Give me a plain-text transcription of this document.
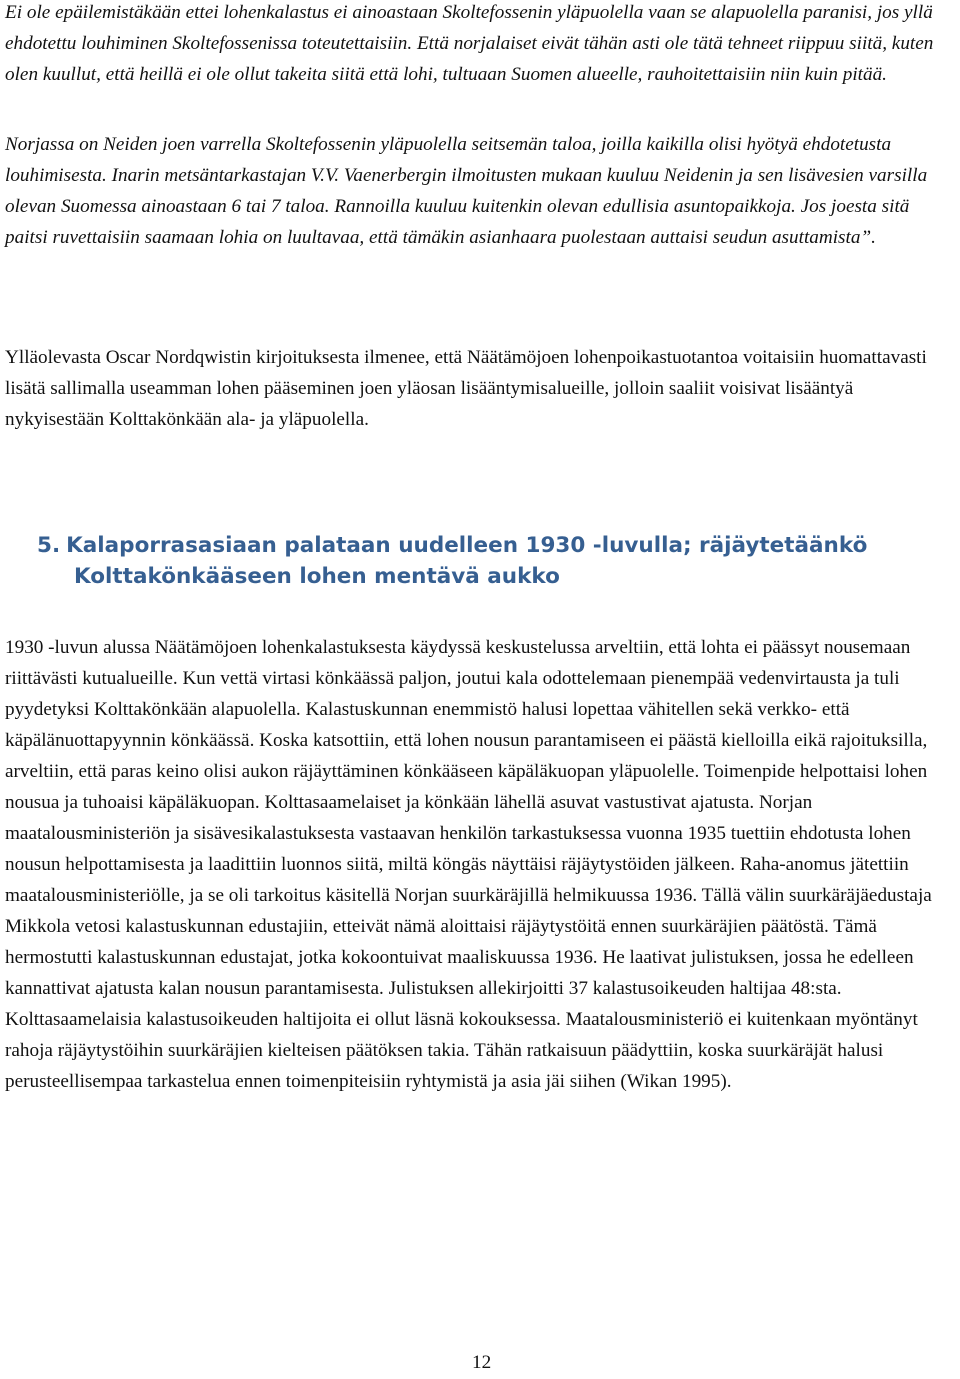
Ei ole epäilemistäkään ettei lohenkalastus ei ainoastaan Skoltefossenin yläpuolella vaan se alapuolella paranisi, jos yllä ehdotettu louhiminen Skoltefossenissa toteutettaisiin. Että norjalaiset eivät tähän asti ole tätä tehneet riippuu siitä, kuten olen kuullut, että heillä ei ole ollut takeita siitä että lohi, tultuaan Suomen alueelle, rauhoitettaisiin niin kuin pitää.

Norjassa on Neiden joen varrella Skoltefossenin yläpuolella seitsemän taloa, joilla kaikilla olisi hyötyä ehdotetusta louhimisesta. Inarin metsäntarkastajan V.V. Vaenerbergin ilmoitusten mukaan kuuluu Neidenin ja sen lisävesien varsilla olevan Suomessa ainoastaan 6 tai 7 taloa. Rannoilla kuuluu kuitenkin olevan edullisia asuntopaikkoja. Jos joesta sitä paitsi ruvettaisiin saamaan lohia on luultavaa, että tämäkin asianhaara puolestaan auttaisi seudun asuttamista”.

Ylläolevasta Oscar Nordqwistin kirjoituksesta ilmenee, että Näätämöjoen lohenpoikastuotantoa voitaisiin huomattavasti lisätä sallimalla useamman lohen pääseminen joen yläosan lisääntymisalueille, jolloin saaliit voisivat lisääntyä nykyisestään Kolttakönkään ala- ja yläpuolella.

5. Kalaporrasasiaan palataan uudelleen 1930 -luvulla; räjäytetäänkö
Kolttakönkääseen lohen mentävä aukko

1930 -luvun alussa Näätämöjoen lohenkalastuksesta käydyssä keskustelussa arveltiin, että lohta ei päässyt nousemaan riittävästi kutualueille. Kun vettä virtasi könkäässä paljon, joutui kala odottelemaan pienempää vedenvirtausta ja tuli pyydetyksi Kolttakönkään alapuolella. Kalastuskunnan enemmistö halusi lopettaa vähitellen sekä verkko- että käpälänuottapyynnin könkäässä. Koska katsottiin, että lohen nousun parantamiseen ei päästä kielloilla eikä rajoituksilla, arveltiin, että paras keino olisi aukon räjäyttäminen könkääseen käpäläkuopan yläpuolelle. Toimenpide helpottaisi lohen nousua ja tuhoaisi käpäläkuopan. Kolttasaamelaiset ja könkään lähellä asuvat vastustivat ajatusta. Norjan maatalousministeriön ja sisävesikalastuksesta vastaavan henkilön tarkastuksessa vuonna 1935 tuettiin ehdotusta lohen nousun helpottamisesta ja laadittiin luonnos siitä, miltä köngäs näyttäisi räjäytystöiden jälkeen. Raha-anomus jätettiin maatalousministeriölle, ja se oli tarkoitus käsitellä Norjan suurkäräjillä helmikuussa 1936. Tällä välin suurkäräjäedustaja Mikkola vetosi kalastuskunnan edustajiin, etteivät nämä aloittaisi räjäytystöitä ennen suurkäräjien päätöstä. Tämä hermostutti kalastuskunnan edustajat, jotka kokoontuivat maaliskuussa 1936. He laativat julistuksen, jossa he edelleen kannattivat ajatusta kalan nousun parantamisesta. Julistuksen allekirjoitti 37 kalastusoikeuden haltijaa 48:sta. Kolttasaamelaisia kalastusoikeuden haltijoita ei ollut läsnä kokouksessa. Maatalousministeriö ei kuitenkaan myöntänyt rahoja räjäytystöihin suurkäräjien kielteisen päätöksen takia. Tähän ratkaisuun päädyttiin, koska suurkäräjät halusi perusteellisempaa tarkastelua ennen toimenpiteisiin ryhtymistä ja asia jäi siihen (Wikan 1995).

12
